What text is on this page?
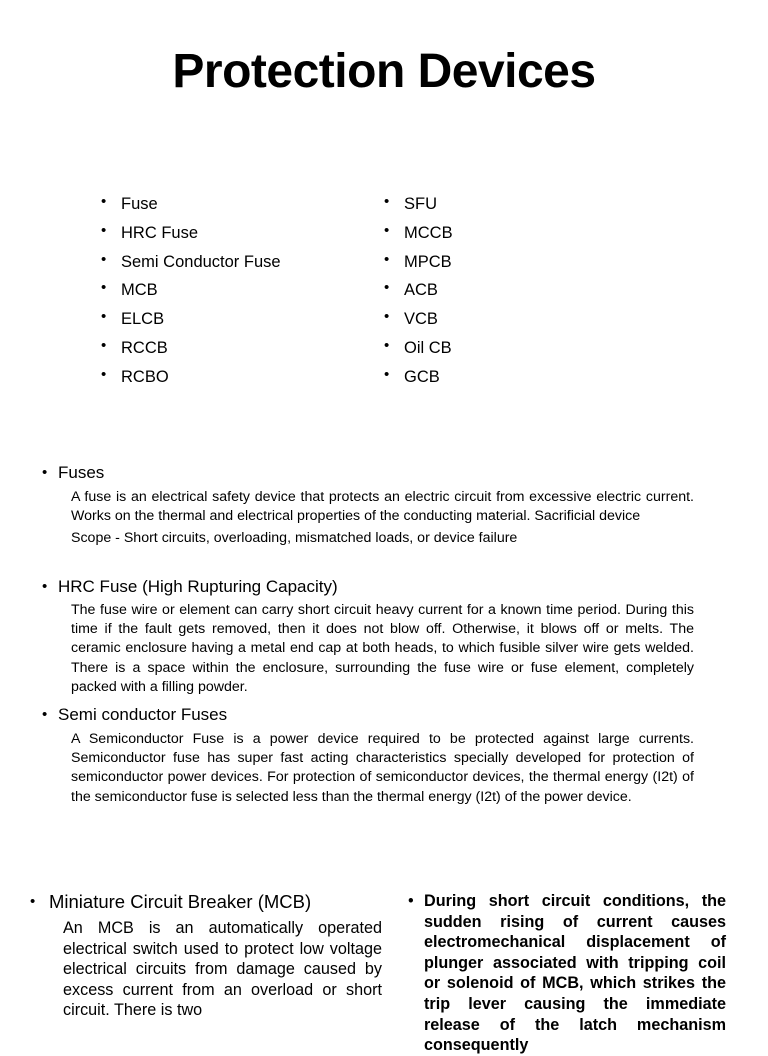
Protection Devices
• Fuse
• HRC Fuse
• Semi Conductor Fuse
• MCB
• ELCB
• RCCB
• RCBO
• SFU
• MCCB
• MPCB
• ACB
• VCB
• Oil CB
• GCB
• Fuses

A fuse is an electrical safety device that protects an electric circuit from excessive electric current. Works on the thermal and electrical properties of the conducting material. Sacrificial device

Scope - Short circuits, overloading, mismatched loads, or device failure

• HRC Fuse (High Rupturing Capacity)

The fuse wire or element can carry short circuit heavy current for a known time period. During this time if the fault gets removed, then it does not blow off. Otherwise, it blows off or melts. The ceramic enclosure having a metal end cap at both heads, to which fusible silver wire gets welded. There is a space within the enclosure, surrounding the fuse wire or fuse element, completely packed with a filling powder.

• Semi conductor Fuses

A Semiconductor Fuse is a power device required to be protected against large currents. Semiconductor fuse has super fast acting characteristics specially developed for protection of semiconductor power devices. For protection of semiconductor devices, the thermal energy (I2t) of the semiconductor fuse is selected less than the thermal energy (I2t) of the power device.

• Miniature Circuit Breaker (MCB)

An MCB is an automatically operated electrical switch used to protect low voltage electrical circuits from damage caused by excess current from an overload or short circuit. There is two

• During short circuit conditions, the sudden rising of current causes electromechanical displacement of plunger associated with tripping coil or solenoid of MCB, which strikes the trip lever causing the immediate release of the latch mechanism consequently
